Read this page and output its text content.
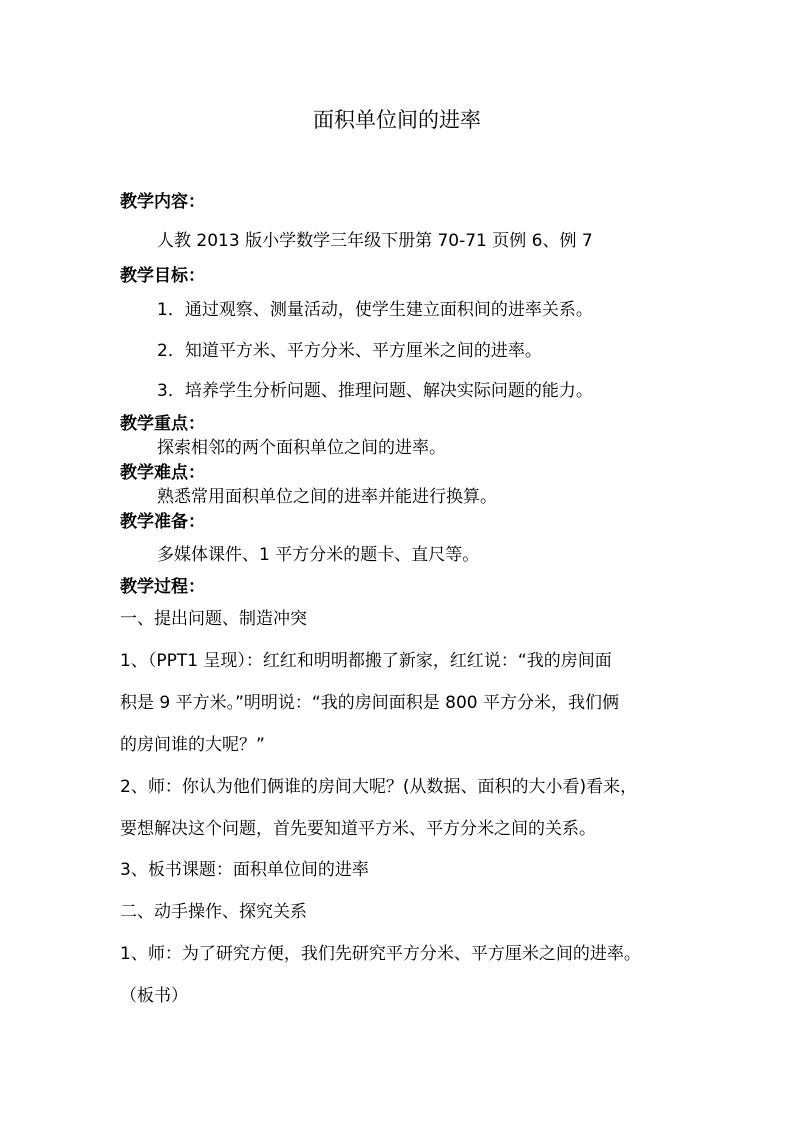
面积单位间的进率
教学内容：
人教 2013 版小学数学三年级下册第 70-71 页例 6、例 7
教学目标：
1．通过观察、测量活动，使学生建立面积间的进率关系。
2．知道平方米、平方分米、平方厘米之间的进率。
3．培养学生分析问题、推理问题、解决实际问题的能力。
教学重点：
探索相邻的两个面积单位之间的进率。
教学难点：
熟悉常用面积单位之间的进率并能进行换算。
教学准备：
多媒体课件、1 平方分米的题卡、直尺等。
教学过程：
一、提出问题、制造冲突
1、（PPT1 呈现）：红红和明明都搬了新家，红红说：“我的房间面
积是 9 平方米。”明明说：“我的房间面积是 800 平方分米，我们俩
的房间谁的大呢？”
2、师：你认为他们俩谁的房间大呢？(从数据、面积的大小看)看来，
要想解决这个问题，首先要知道平方米、平方分米之间的关系。
3、板书课题：面积单位间的进率
二、动手操作、探究关系
1、师：为了研究方便，我们先研究平方分米、平方厘米之间的进率。
（板书）
